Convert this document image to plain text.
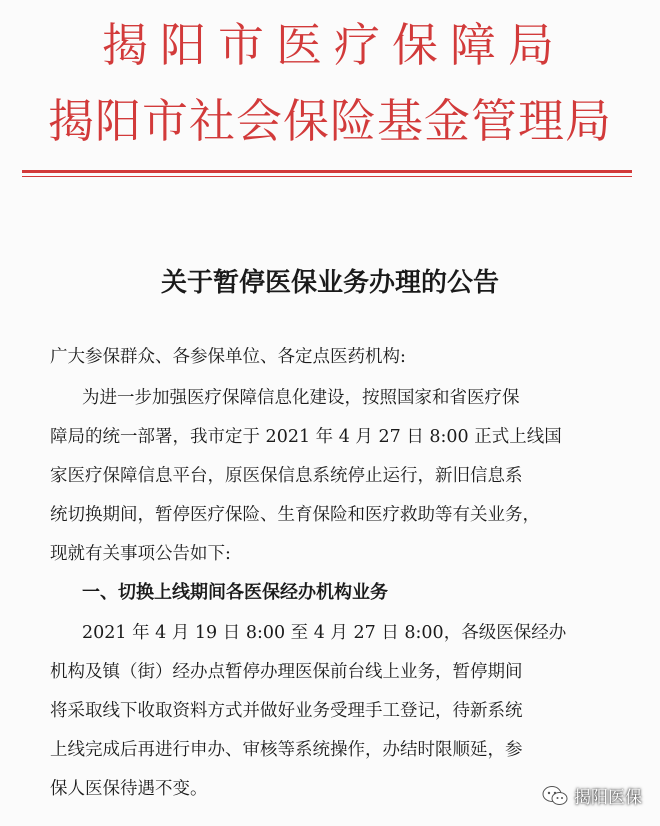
揭阳市医疗保障局
揭阳市社会保险基金管理局
关于暂停医保业务办理的公告
广大参保群众、各参保单位、各定点医药机构:
为进一步加强医疗保障信息化建设，按照国家和省医疗保
障局的统一部署，我市定于 2021 年 4 月 27 日 8:00 正式上线国
家医疗保障信息平台，原医保信息系统停止运行，新旧信息系
统切换期间，暂停医疗保险、生育保险和医疗救助等有关业务，
现就有关事项公告如下:
一、切换上线期间各医保经办机构业务
2021 年 4 月 19 日 8:00 至 4 月 27 日 8:00，各级医保经办
机构及镇（街）经办点暂停办理医保前台线上业务，暂停期间
将采取线下收取资料方式并做好业务受理手工登记，待新系统
上线完成后再进行申办、审核等系统操作，办结时限顺延，参
保人医保待遇不变。	揭阳医保
